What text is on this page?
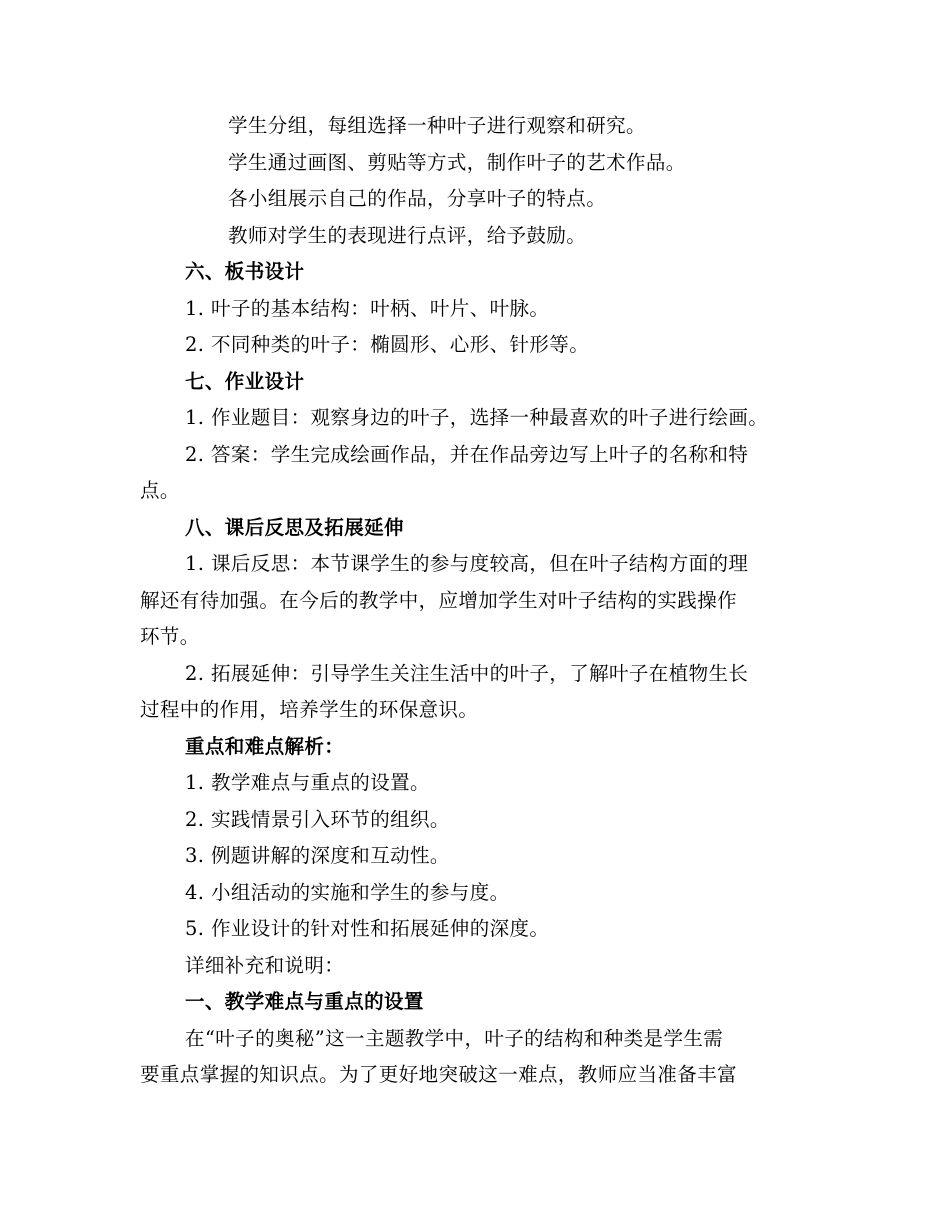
学生分组，每组选择一种叶子进行观察和研究。
学生通过画图、剪贴等方式，制作叶子的艺术作品。
各小组展示自己的作品，分享叶子的特点。
教师对学生的表现进行点评，给予鼓励。
六、板书设计
1. 叶子的基本结构：叶柄、叶片、叶脉。
2. 不同种类的叶子：椭圆形、心形、针形等。
七、作业设计
1. 作业题目：观察身边的叶子，选择一种最喜欢的叶子进行绘画。
2. 答案：学生完成绘画作品，并在作品旁边写上叶子的名称和特
点。
八、课后反思及拓展延伸
1. 课后反思：本节课学生的参与度较高，但在叶子结构方面的理
解还有待加强。在今后的教学中，应增加学生对叶子结构的实践操作
环节。
2. 拓展延伸：引导学生关注生活中的叶子，了解叶子在植物生长
过程中的作用，培养学生的环保意识。
重点和难点解析：
1. 教学难点与重点的设置。
2. 实践情景引入环节的组织。
3. 例题讲解的深度和互动性。
4. 小组活动的实施和学生的参与度。
5. 作业设计的针对性和拓展延伸的深度。
详细补充和说明：
一、教学难点与重点的设置
在“叶子的奥秘”这一主题教学中，叶子的结构和种类是学生需
要重点掌握的知识点。为了更好地突破这一难点，教师应当准备丰富
